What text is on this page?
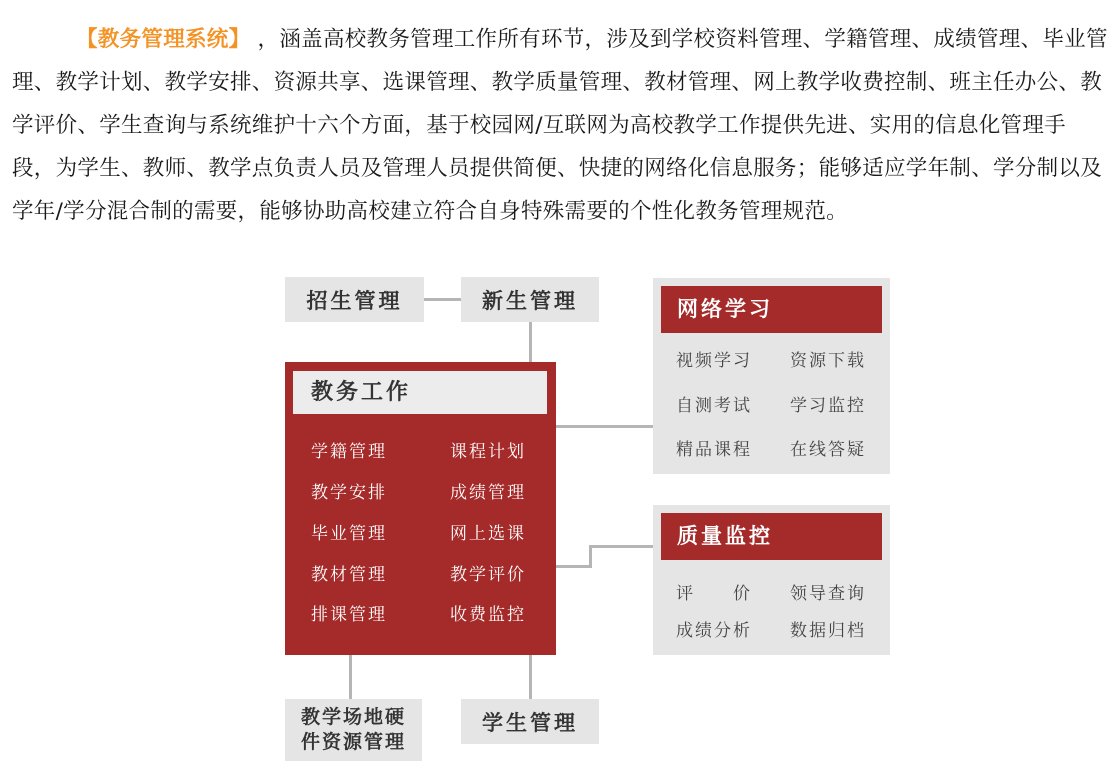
【教务管理系统】 ，涵盖高校教务管理工作所有环节，涉及到学校资料管理、学籍管理、成绩管理、毕业管理、教学计划、教学安排、资源共享、选课管理、教学质量管理、教材管理、网上教学收费控制、班主任办公、教学评价、学生查询与系统维护十六个方面，基于校园网/互联网为高校教学工作提供先进、实用的信息化管理手段，为学生、教师、教学点负责人员及管理人员提供简便、快捷的网络化信息服务；能够适应学年制、学分制以及学年/学分混合制的需要，能够协助高校建立符合自身特殊需要的个性化教务管理规范。

招生管理	新生管理
教务工作
学籍管理	课程计划
教学安排	成绩管理
毕业管理	网上选课
教材管理	教学评价
排课管理	收费监控
网络学习
视频学习 资源下载
自测考试 学习监控
精品课程 在线答疑
质量监控
评　　价 领导查询
成绩分析 数据归档
教学场地硬
件资源管理
学生管理
